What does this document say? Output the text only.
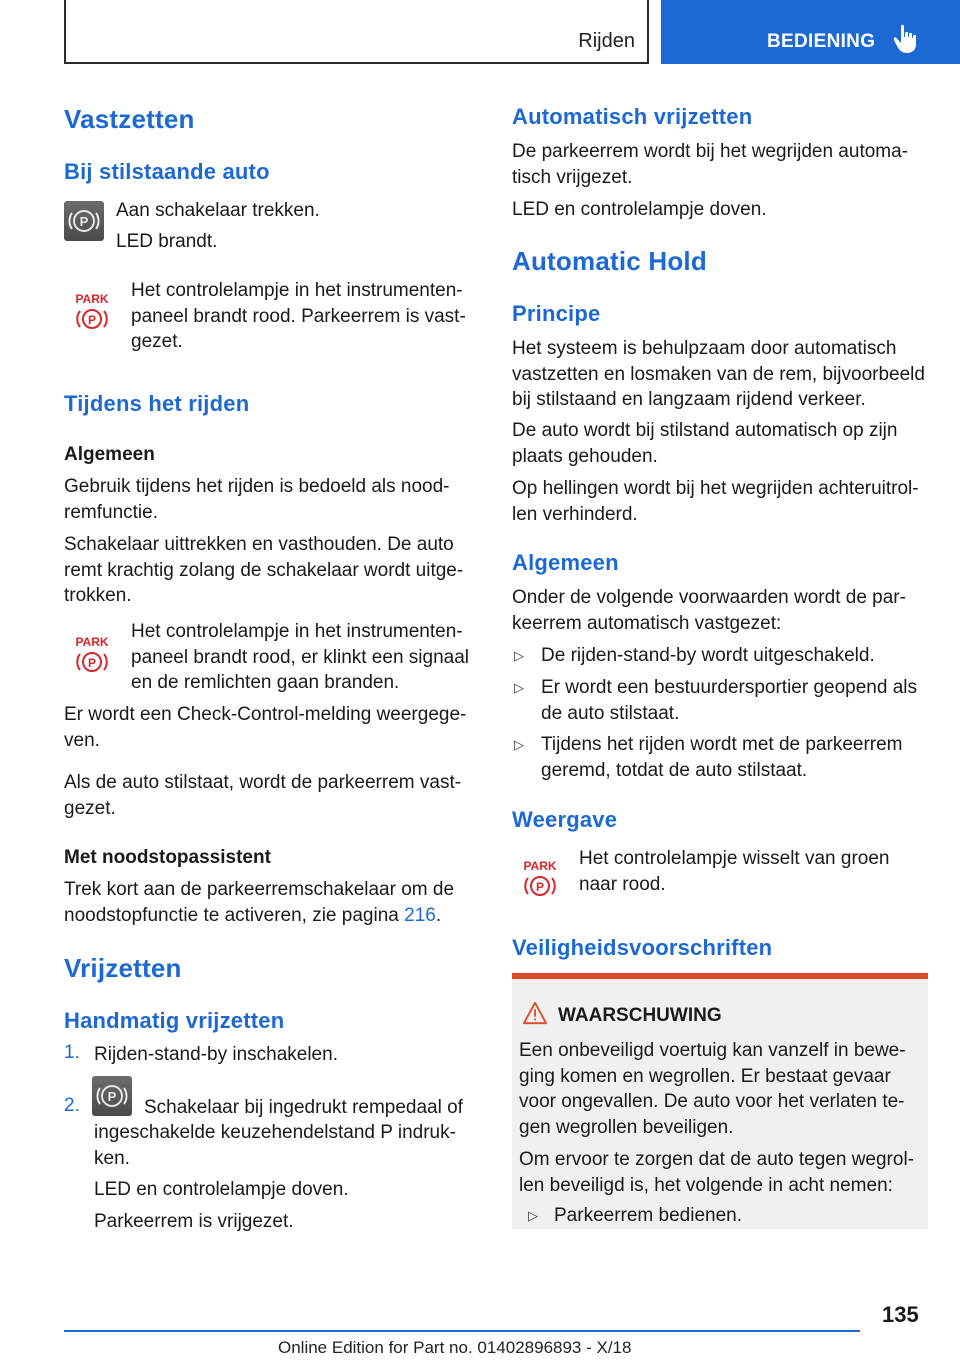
Rijden	BEDIENING
Vastzetten
Bij stilstaande auto
P
Aan schakelaar trekken.
LED brandt.
PARK
P
Het controlelampje in het instrumenten-paneel brandt rood. Parkeerrem is vast-gezet.
Tijdens het rijden
Algemeen
Gebruik tijdens het rijden is bedoeld als nood-remfunctie.
Schakelaar uittrekken en vasthouden. De auto remt krachtig zolang de schakelaar wordt uitge-trokken.
PARK
P
Het controlelampje in het instrumenten-paneel brandt rood, er klinkt een signaal en de remlichten gaan branden.
Er wordt een Check-Control-melding weergege-ven.
Als de auto stilstaat, wordt de parkeerrem vast-gezet.
Met noodstopassistent
Trek kort aan de parkeerremschakelaar om de noodstopfunctie te activeren, zie pagina 216.
Vrijzetten
Handmatig vrijzetten
1. Rijden-stand-by inschakelen.
2. P
Schakelaar bij ingedrukt rempedaal of
ingeschakelde keuzehendelstand P indruk-ken.
LED en controlelampje doven.
Parkeerrem is vrijgezet.
Automatisch vrijzetten
De parkeerrem wordt bij het wegrijden automa-tisch vrijgezet.
LED en controlelampje doven.
Automatic Hold
Principe
Het systeem is behulpzaam door automatisch vastzetten en losmaken van de rem, bijvoorbeeld bij stilstaand en langzaam rijdend verkeer.
De auto wordt bij stilstand automatisch op zijn plaats gehouden.
Op hellingen wordt bij het wegrijden achteruitrol-len verhinderd.
Algemeen
Onder de volgende voorwaarden wordt de par-keerrem automatisch vastgezet:
▷ De rijden-stand-by wordt uitgeschakeld.
▷ Er wordt een bestuurdersportier geopend als de auto stilstaat.
▷ Tijdens het rijden wordt met de parkeerrem geremd, totdat de auto stilstaat.
Weergave
PARK
P
Het controlelampje wisselt van groen naar rood.
Veiligheidsvoorschriften
WAARSCHUWING
Een onbeveiligd voertuig kan vanzelf in bewe-ging komen en wegrollen. Er bestaat gevaar voor ongevallen. De auto voor het verlaten te-gen wegrollen beveiligen.
Om ervoor te zorgen dat de auto tegen wegrol-len beveiligd is, het volgende in acht nemen:
▷ Parkeerrem bedienen.
135
Online Edition for Part no. 01402896893 - X/18
